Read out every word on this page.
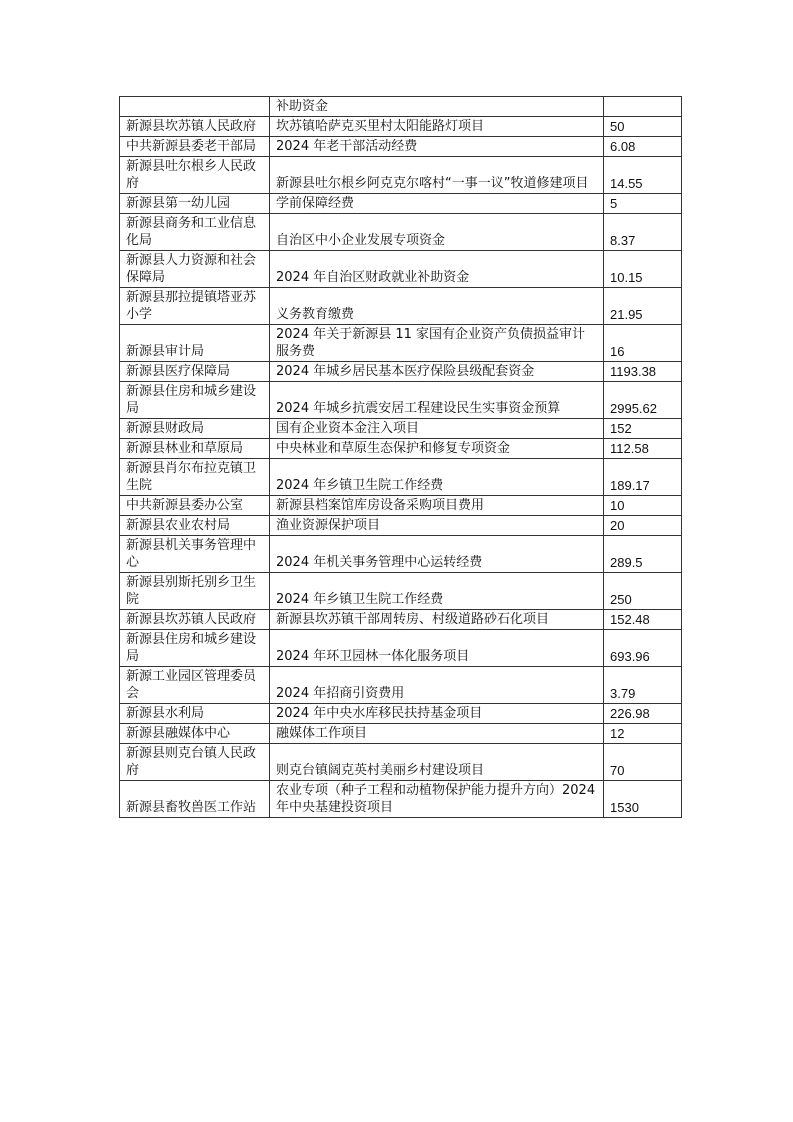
	补助资金	
新源县坎苏镇人民政府	坎苏镇哈萨克买里村太阳能路灯项目	50
中共新源县委老干部局	2024 年老干部活动经费	6.08
新源县吐尔根乡人民政府	新源县吐尔根乡阿克克尔喀村“一事一议”牧道修建项目	14.55
新源县第一幼儿园	学前保障经费	5
新源县商务和工业信息化局	自治区中小企业发展专项资金	8.37
新源县人力资源和社会保障局	2024 年自治区财政就业补助资金	10.15
新源县那拉提镇塔亚苏小学	义务教育缴费	21.95
新源县审计局	2024 年关于新源县 11 家国有企业资产负债损益审计服务费	16
新源县医疗保障局	2024 年城乡居民基本医疗保险县级配套资金	1193.38
新源县住房和城乡建设局	2024 年城乡抗震安居工程建设民生实事资金预算	2995.62
新源县财政局	国有企业资本金注入项目	152
新源县林业和草原局	中央林业和草原生态保护和修复专项资金	112.58
新源县肖尔布拉克镇卫生院	2024 年乡镇卫生院工作经费	189.17
中共新源县委办公室	新源县档案馆库房设备采购项目费用	10
新源县农业农村局	渔业资源保护项目	20
新源县机关事务管理中心	2024 年机关事务管理中心运转经费	289.5
新源县别斯托别乡卫生院	2024 年乡镇卫生院工作经费	250
新源县坎苏镇人民政府	新源县坎苏镇干部周转房、村级道路砂石化项目	152.48
新源县住房和城乡建设局	2024 年环卫园林一体化服务项目	693.96
新源工业园区管理委员会	2024 年招商引资费用	3.79
新源县水利局	2024 年中央水库移民扶持基金项目	226.98
新源县融媒体中心	融媒体工作项目	12
新源县则克台镇人民政府	则克台镇阔克英村美丽乡村建设项目	70
新源县畜牧兽医工作站	农业专项（种子工程和动植物保护能力提升方向）2024 年中央基建投资项目	1530
